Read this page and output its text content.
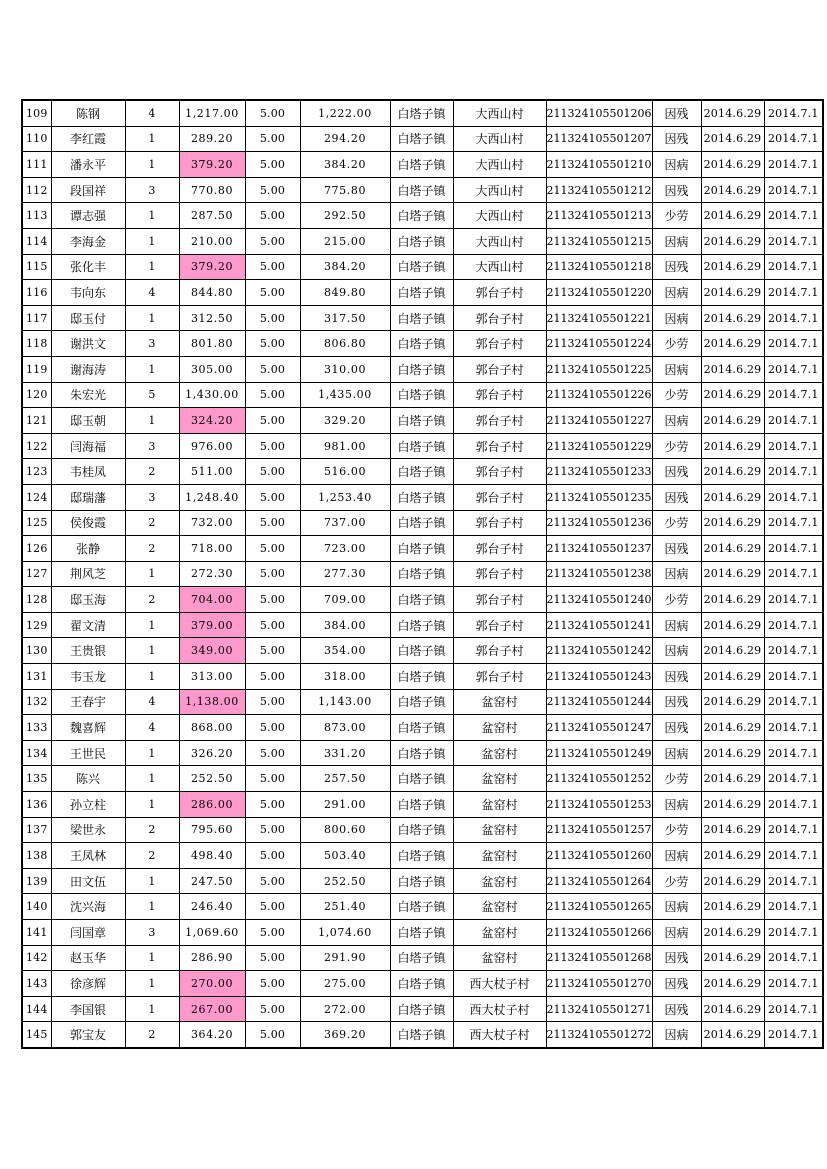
109	陈钢	4	1,217.00	5.00	1,222.00	白塔子镇	大西山村	211324105501206	因残	2014.6.29	2014.7.1
110	李红霞	1	289.20	5.00	294.20	白塔子镇	大西山村	211324105501207	因残	2014.6.29	2014.7.1
111	潘永平	1	379.20	5.00	384.20	白塔子镇	大西山村	211324105501210	因病	2014.6.29	2014.7.1
112	段国祥	3	770.80	5.00	775.80	白塔子镇	大西山村	211324105501212	因残	2014.6.29	2014.7.1
113	谭志强	1	287.50	5.00	292.50	白塔子镇	大西山村	211324105501213	少劳	2014.6.29	2014.7.1
114	李海金	1	210.00	5.00	215.00	白塔子镇	大西山村	211324105501215	因病	2014.6.29	2014.7.1
115	张化丰	1	379.20	5.00	384.20	白塔子镇	大西山村	211324105501218	因残	2014.6.29	2014.7.1
116	韦向东	4	844.80	5.00	849.80	白塔子镇	郭台子村	211324105501220	因病	2014.6.29	2014.7.1
117	邸玉付	1	312.50	5.00	317.50	白塔子镇	郭台子村	211324105501221	因病	2014.6.29	2014.7.1
118	谢洪文	3	801.80	5.00	806.80	白塔子镇	郭台子村	211324105501224	少劳	2014.6.29	2014.7.1
119	谢海涛	1	305.00	5.00	310.00	白塔子镇	郭台子村	211324105501225	因病	2014.6.29	2014.7.1
120	朱宏光	5	1,430.00	5.00	1,435.00	白塔子镇	郭台子村	211324105501226	少劳	2014.6.29	2014.7.1
121	邸玉朝	1	324.20	5.00	329.20	白塔子镇	郭台子村	211324105501227	因病	2014.6.29	2014.7.1
122	闫海福	3	976.00	5.00	981.00	白塔子镇	郭台子村	211324105501229	少劳	2014.6.29	2014.7.1
123	韦桂凤	2	511.00	5.00	516.00	白塔子镇	郭台子村	211324105501233	因残	2014.6.29	2014.7.1
124	邸瑞藩	3	1,248.40	5.00	1,253.40	白塔子镇	郭台子村	211324105501235	因残	2014.6.29	2014.7.1
125	侯俊霞	2	732.00	5.00	737.00	白塔子镇	郭台子村	211324105501236	少劳	2014.6.29	2014.7.1
126	张静	2	718.00	5.00	723.00	白塔子镇	郭台子村	211324105501237	因残	2014.6.29	2014.7.1
127	荆风芝	1	272.30	5.00	277.30	白塔子镇	郭台子村	211324105501238	因病	2014.6.29	2014.7.1
128	邸玉海	2	704.00	5.00	709.00	白塔子镇	郭台子村	211324105501240	少劳	2014.6.29	2014.7.1
129	翟文清	1	379.00	5.00	384.00	白塔子镇	郭台子村	211324105501241	因病	2014.6.29	2014.7.1
130	王贵银	1	349.00	5.00	354.00	白塔子镇	郭台子村	211324105501242	因病	2014.6.29	2014.7.1
131	韦玉龙	1	313.00	5.00	318.00	白塔子镇	郭台子村	211324105501243	因残	2014.6.29	2014.7.1
132	王春宇	4	1,138.00	5.00	1,143.00	白塔子镇	盆窑村	211324105501244	因残	2014.6.29	2014.7.1
133	魏喜辉	4	868.00	5.00	873.00	白塔子镇	盆窑村	211324105501247	因残	2014.6.29	2014.7.1
134	王世民	1	326.20	5.00	331.20	白塔子镇	盆窑村	211324105501249	因病	2014.6.29	2014.7.1
135	陈兴	1	252.50	5.00	257.50	白塔子镇	盆窑村	211324105501252	少劳	2014.6.29	2014.7.1
136	孙立柱	1	286.00	5.00	291.00	白塔子镇	盆窑村	211324105501253	因病	2014.6.29	2014.7.1
137	梁世永	2	795.60	5.00	800.60	白塔子镇	盆窑村	211324105501257	少劳	2014.6.29	2014.7.1
138	王凤林	2	498.40	5.00	503.40	白塔子镇	盆窑村	211324105501260	因病	2014.6.29	2014.7.1
139	田文伍	1	247.50	5.00	252.50	白塔子镇	盆窑村	211324105501264	少劳	2014.6.29	2014.7.1
140	沈兴海	1	246.40	5.00	251.40	白塔子镇	盆窑村	211324105501265	因病	2014.6.29	2014.7.1
141	闫国章	3	1,069.60	5.00	1,074.60	白塔子镇	盆窑村	211324105501266	因病	2014.6.29	2014.7.1
142	赵玉华	1	286.90	5.00	291.90	白塔子镇	盆窑村	211324105501268	因残	2014.6.29	2014.7.1
143	徐彦辉	1	270.00	5.00	275.00	白塔子镇	西大杖子村	211324105501270	因残	2014.6.29	2014.7.1
144	李国银	1	267.00	5.00	272.00	白塔子镇	西大杖子村	211324105501271	因残	2014.6.29	2014.7.1
145	郭宝友	2	364.20	5.00	369.20	白塔子镇	西大杖子村	211324105501272	因病	2014.6.29	2014.7.1
